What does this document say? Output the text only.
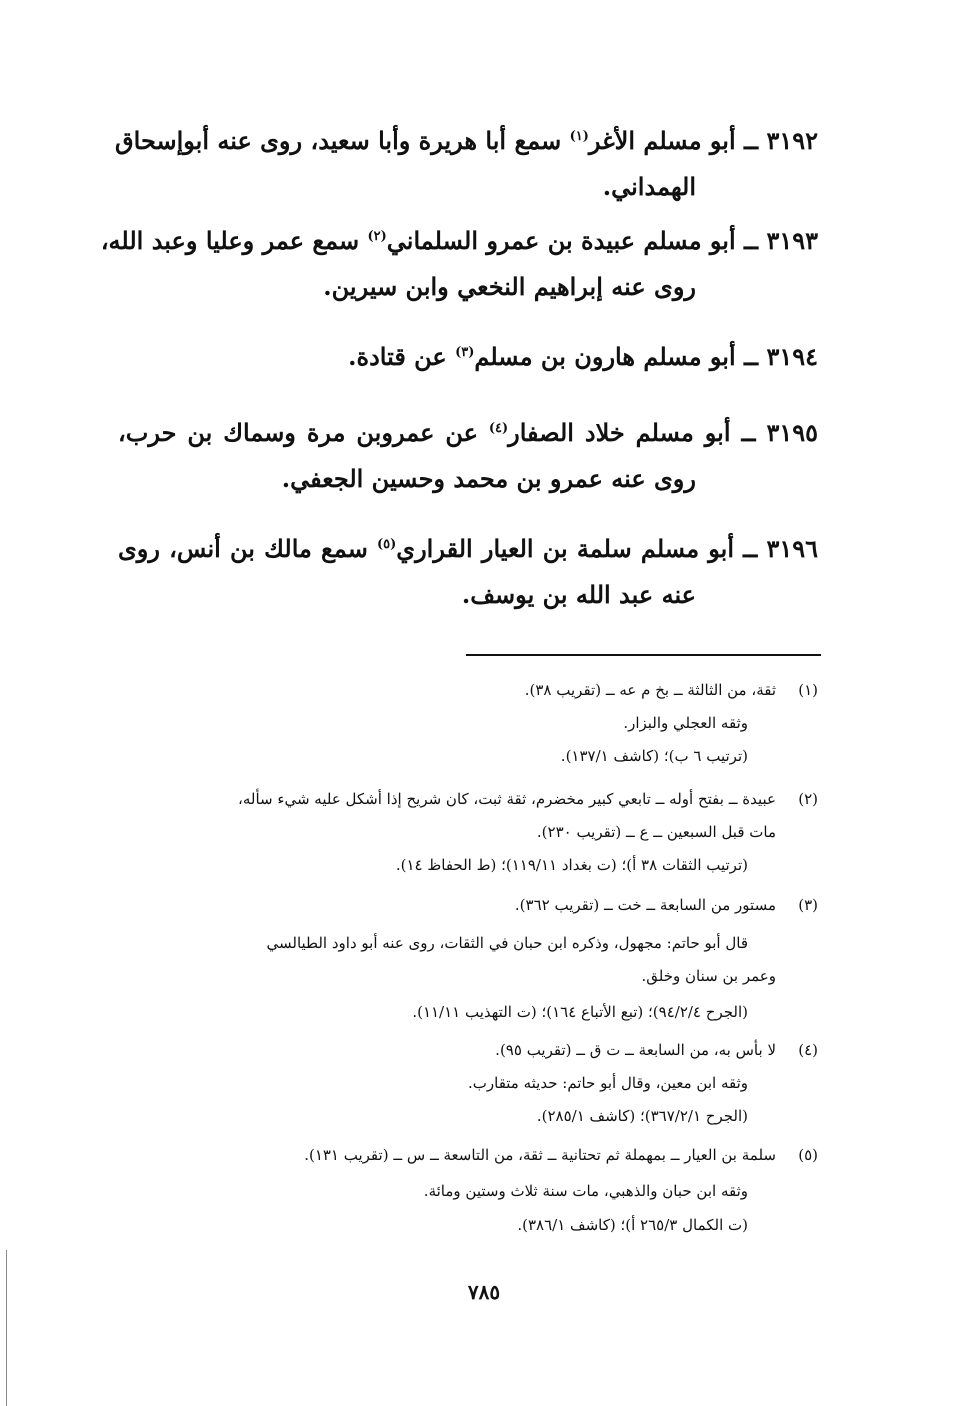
٣١٩٢ ــ أبو مسلم الأغر$^{(١)}$ سمع أبا هريرة وأبا سعيد، روى عنه أبوإسحاق
الهمداني.
٣١٩٣ ــ أبو مسلم عبيدة بن عمرو السلماني$^{(٢)}$ سمع عمر وعليا وعبد الله،
روى عنه إبراهيم النخعي وابن سيرين.
٣١٩٤ ــ أبو مسلم هارون بن مسلم$^{(٣)}$ عن قتادة.
٣١٩٥ ــ أبو مسلم خلاد الصفار$^{(٤)}$ عن عمروبن مرة وسماك بن حرب،
روى عنه عمرو بن محمد وحسين الجعفي.
٣١٩٦ ــ أبو مسلم سلمة بن العيار القراري$^{(٥)}$ سمع مالك بن أنس، روى
عنه عبد الله بن يوسف.
(١)
ثقة، من الثالثة ــ بخ م عه ــ (تقريب ٣٨).
وثقه العجلي والبزار.
(ترتيب ٦ ب)؛ (كاشف ١٣٧/١).
(٢)
عبيدة ــ بفتح أوله ــ تابعي كبير مخضرم، ثقة ثبت، كان شريح إذا أشكل عليه شيء سأله،
مات قبل السبعين ــ ع ــ (تقريب ٢٣٠).
(ترتيب الثقات ٣٨ أ)؛ (ت بغداد ١١٩/١١)؛ (ط الحفاظ ١٤).
(٣)
مستور من السابعة ــ خت ــ (تقريب ٣٦٢).
قال أبو حاتم: مجهول، وذكره ابن حبان في الثقات، روى عنه أبو داود الطيالسي
وعمر بن سنان وخلق.
(الجرح ٩٤/٢/٤)؛ (تبع الأتباع ١٦٤)؛ (ت التهذيب ١١/١١).
(٤)
لا بأس به، من السابعة ــ ت ق ــ (تقريب ٩٥).
وثقه ابن معين، وقال أبو حاتم: حديثه متقارب.
(الجرح ٣٦٧/٢/١)؛ (كاشف ٢٨٥/١).
(٥)
سلمة بن العيار ــ بمهملة ثم تحتانية ــ ثقة، من التاسعة ــ س ــ (تقريب ١٣١).
وثقه ابن حبان والذهبي، مات سنة ثلاث وستين ومائة.
(ت الكمال ٢٦٥/٣ أ)؛ (كاشف ٣٨٦/١).
٧٨٥
